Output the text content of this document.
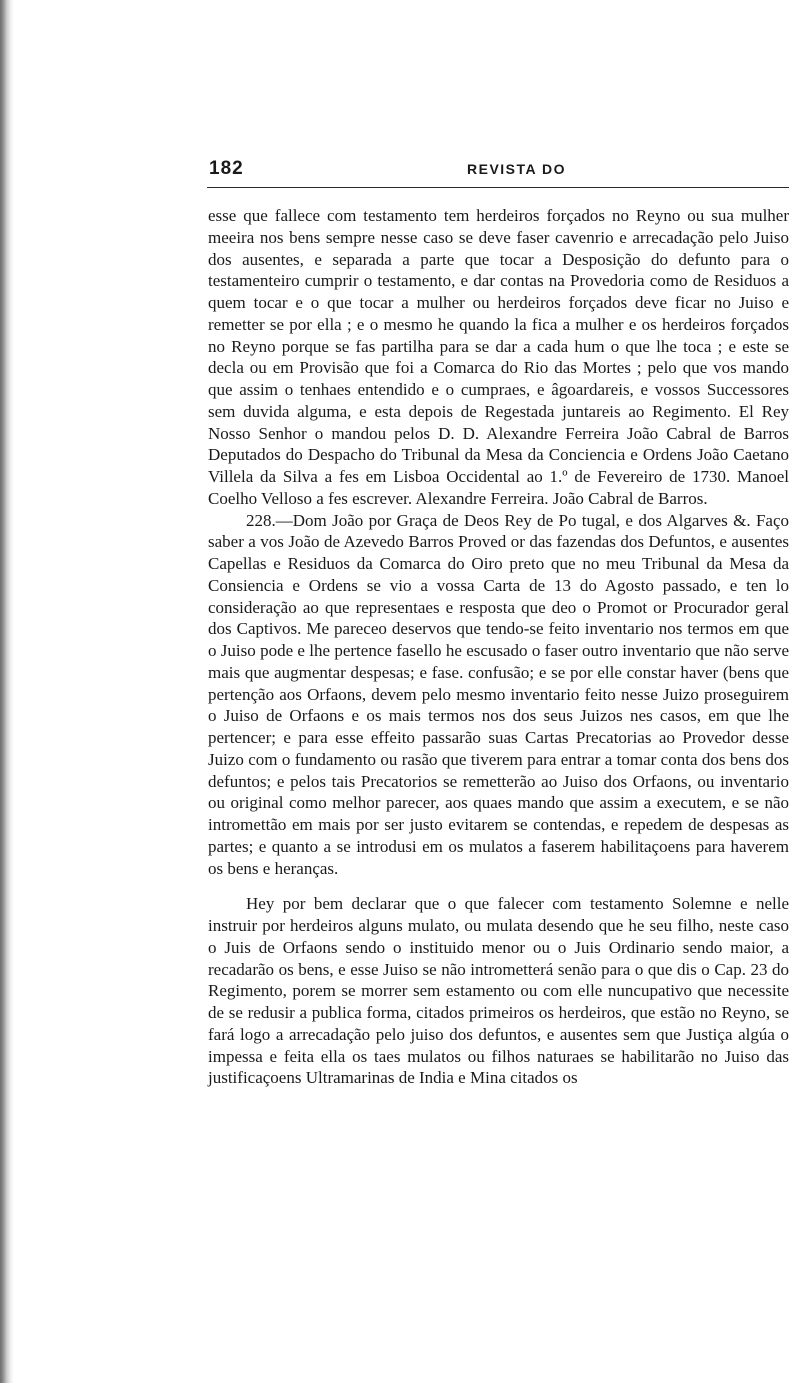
182	REVISTA DO

esse que fallece com testamento tem herdeiros forçados no Reyno ou sua mulher meeira nos bens sempre nesse caso se deve faser cavenrio e arrecadação pelo Juiso dos ausentes, e separada a parte que tocar a Desposição do defunto para o testamenteiro cumprir o testamento, e dar contas na Provedoria como de Residuos a quem tocar e o que tocar a mulher ou herdeiros forçados deve ficar no Juiso e remetter se por ella ; e o mesmo he quando la fica a mulher e os herdeiros forçados no Reyno porque se fas partilha para se dar a cada hum o que lhe toca ; e este se decla ou em Provisão que foi a Comarca do Rio das Mortes ; pelo que vos mando que assim o tenhaes entendido e o cumpraes, e âgoardareis, e vossos Successores sem duvida alguma, e esta depois de Regestada juntareis ao Regimento. El Rey Nosso Senhor o mandou pelos D. D. Alexandre Ferreira João Cabral de Barros Deputados do Despacho do Tribunal da Mesa da Conciencia e Ordens João Caetano Villela da Silva a fes em Lisboa Occidental ao 1.º de Fevereiro de 1730. Manoel Coelho Velloso a fes escrever. Alexandre Ferreira. João Cabral de Barros.

228.—Dom João por Graça de Deos Rey de Po tugal, e dos Algarves &. Faço saber a vos João de Azevedo Barros Proved or das fazendas dos Defuntos, e ausentes Capellas e Residuos da Comarca do Oiro preto que no meu Tribunal da Mesa da Consiencia e Ordens se vio a vossa Carta de 13 do Agosto passado, e ten lo consideração ao que representaes e resposta que deo o Promot or Procurador geral dos Captivos. Me pareceo deservos que tendo-se feito inventario nos termos em que o Juiso pode e lhe pertence fasello he escusado o faser outro inventario que não serve mais que augmentar despesas; e fase. confusão; e se por elle constar haver (bens que pertenção aos Orfaons, devem pelo mesmo inventario feito nesse Juizo proseguirem o Juiso de Orfaons e os mais termos nos dos seus Juizos nes casos, em que lhe pertencer; e para esse effeito passarão suas Cartas Precatorias ao Provedor desse Juizo com o fundamento ou rasão que tiverem para entrar a tomar conta dos bens dos defuntos; e pelos tais Precatorios se remetterão ao Juiso dos Orfaons, ou inventario ou original como melhor parecer, aos quaes mando que assim a executem, e se não intromettão em mais por ser justo evitarem se contendas, e repedem de despesas as partes; e quanto a se introdusi em os mulatos a faserem habilitaçoens para haverem os bens e heranças.

Hey por bem declarar que o que falecer com testamento Solemne e nelle instruir por herdeiros alguns mulato, ou mulata desendo que he seu filho, neste caso o Juis de Orfaons sendo o instituido menor ou o Juis Ordinario sendo maior, a recadarão os bens, e esse Juiso se não intrometterá senão para o que dis o Cap. 23 do Regimento, porem se morrer sem estamento ou com elle nuncupativo que necessite de se redusir a publica forma, citados primeiros os herdeiros, que estão no Reyno, se fará logo a arrecadação pelo juiso dos defuntos, e ausentes sem que Justiça algúa o impessa e feita ella os taes mulatos ou filhos naturaes se habilitarão no Juiso das justificaçoens Ultramarinas de India e Mina citados os
